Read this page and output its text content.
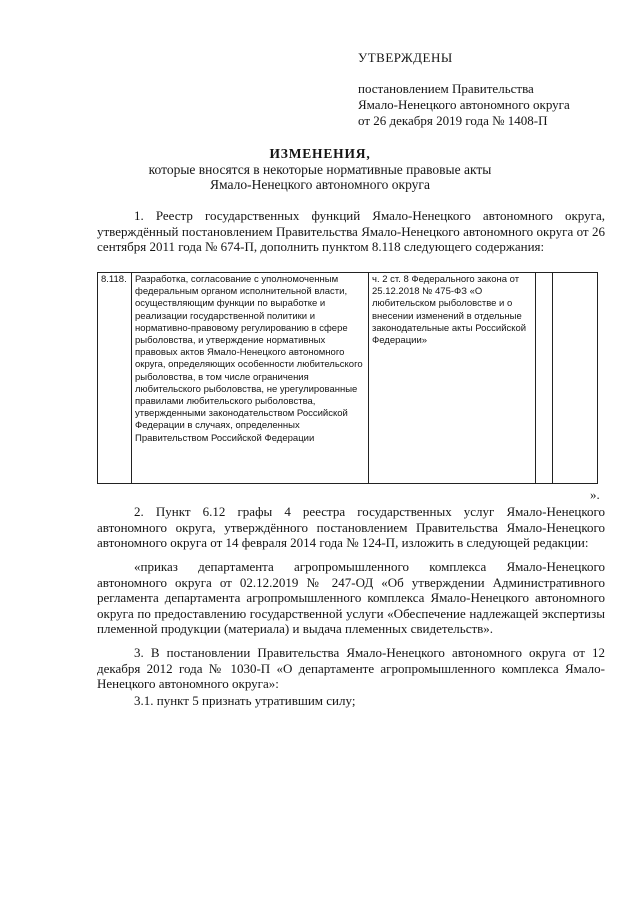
УТВЕРЖДЕНЫ
постановлением Правительства
Ямало-Ненецкого автономного округа
от 26 декабря 2019 года № 1408-П
ИЗМЕНЕНИЯ,
которые вносятся в некоторые нормативные правовые акты
Ямало-Ненецкого автономного округа
1. Реестр государственных функций Ямало-Ненецкого автономного округа, утверждённый постановлением Правительства Ямало-Ненецкого автономного округа от 26 сентября 2011 года № 674-П, дополнить пунктом 8.118 следующего содержания:
8.118.	Разработка, согласование с уполномоченным федеральным органом исполнительной власти, осуществляющим функции по выработке и реализации государственной политики и нормативно-правовому регулированию в сфере рыболовства, и утверждение нормативных правовых актов Ямало-Ненецкого автономного округа, определяющих особенности любительского рыболовства, в том числе ограничения любительского рыболовства, не урегулированные правилами любительского рыболовства, утвержденными законодательством Российской Федерации в случаях, определенных Правительством Российской Федерации	ч. 2 ст. 8 Федерального закона от 25.12.2018 № 475-ФЗ «О любительском рыболовстве и о внесении изменений в отдельные законодательные акты Российской Федерации»		
».
2. Пункт 6.12 графы 4 реестра государственных услуг Ямало-Ненецкого автономного округа, утверждённого постановлением Правительства Ямало-Ненецкого автономного округа от 14 февраля 2014 года № 124-П, изложить в следующей редакции:
«приказ департамента агропромышленного комплекса Ямало-Ненецкого автономного округа от 02.12.2019 № 247-ОД «Об утверждении Административного регламента департамента агропромышленного комплекса Ямало-Ненецкого автономного округа по предоставлению государственной услуги «Обеспечение надлежащей экспертизы племенной продукции (материала) и выдача племенных свидетельств».
3. В постановлении Правительства Ямало-Ненецкого автономного округа от 12 декабря 2012 года № 1030-П «О департаменте агропромышленного комплекса Ямало-Ненецкого автономного округа»:
3.1. пункт 5 признать утратившим силу;
